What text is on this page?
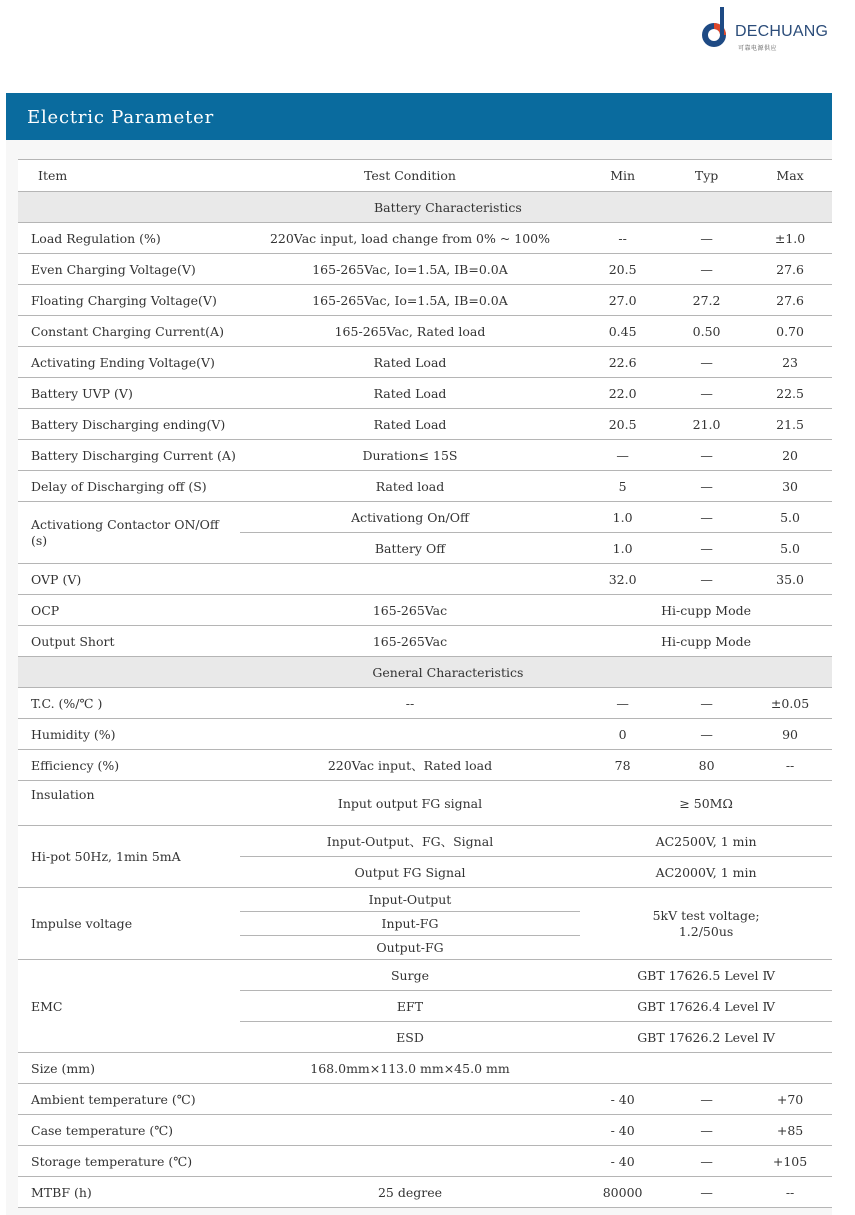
DECHUANG
可靠电源供应
Electric Parameter
Item	Test Condition	Min	Typ	Max
	Battery Characteristics			
Load Regulation (%)	220Vac input, load change from 0% ~ 100%	--	—	±1.0
Even Charging Voltage(V)	165-265Vac, Io=1.5A, IB=0.0A	20.5	—	27.6
Floating Charging Voltage(V)	165-265Vac, Io=1.5A, IB=0.0A	27.0	27.2	27.6
Constant Charging Current(A)	165-265Vac, Rated load	0.45	0.50	0.70
Activating Ending Voltage(V)	Rated Load	22.6	—	23
Battery UVP (V)	Rated Load	22.0	—	22.5
Battery Discharging ending(V)	Rated Load	20.5	21.0	21.5
Battery Discharging Current (A)	Duration≤ 15S	—	—	20
Delay of Discharging off (S)	Rated load	5	—	30
Activationg Contactor ON/Off (s)	Activationg On/Off	1.0	—	5.0
	Battery Off	1.0	—	5.0
OVP (V)		32.0	—	35.0
OCP	165-265Vac	Hi-cupp Mode		
Output Short	165-265Vac	Hi-cupp Mode		
	General Characteristics			
T.C. (%/℃ )	--	—	—	±0.05
Humidity (%)		0	—	90
Efficiency (%)	220Vac input、Rated load	78	80	--
Insulation	Input output FG signal	≥ 50MΩ		
Hi-pot 50Hz, 1min 5mA	Input-Output、FG、Signal	AC2500V, 1 min		
	Output FG Signal	AC2000V, 1 min		
Impulse voltage	Input-Output	5kV test voltage; 1.2/50us		
	Input-FG			
	Output-FG			
EMC	Surge	GBT 17626.5 Level Ⅳ		
	EFT	GBT 17626.4 Level Ⅳ		
	ESD	GBT 17626.2 Level Ⅳ		
Size (mm)	168.0mm×113.0 mm×45.0 mm			
Ambient temperature (℃)		- 40	—	+70
Case temperature (℃)		- 40	—	+85
Storage temperature (℃)		- 40	—	+105
MTBF (h)	25 degree	80000	—	--
